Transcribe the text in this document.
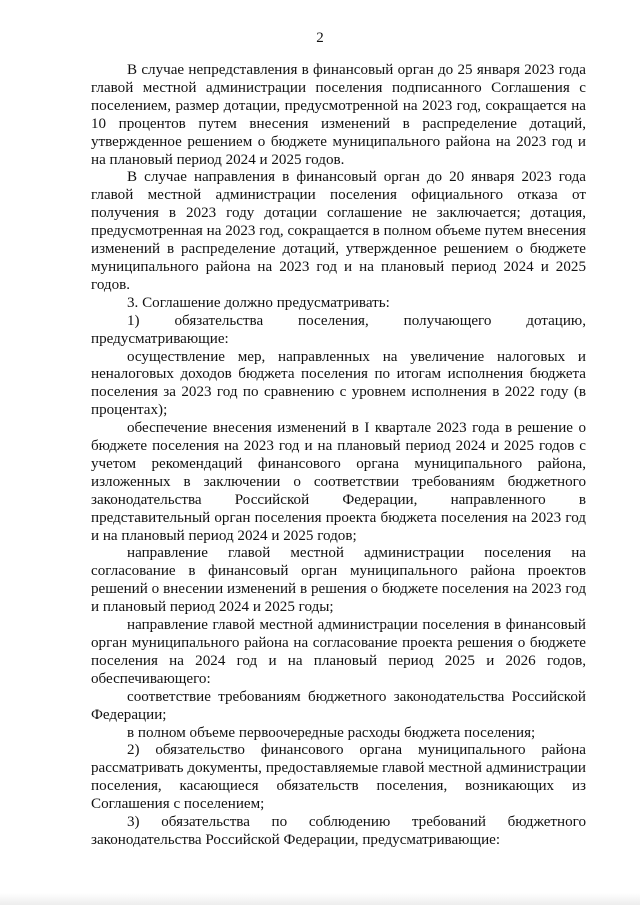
2

В случае непредставления в финансовый орган до 25 января 2023 года главой местной администрации поселения подписанного Соглашения с поселением, размер дотации, предусмотренной на 2023 год, сокращается на 10 процентов путем внесения изменений в распределение дотаций, утвержденное решением о бюджете муниципального района на 2023 год и на плановый период 2024 и 2025 годов.

В случае направления в финансовый орган до 20 января 2023 года главой местной администрации поселения официального отказа от получения в 2023 году дотации соглашение не заключается; дотация, предусмотренная на 2023 год, сокращается в полном объеме путем внесения изменений в распределение дотаций, утвержденное решением о бюджете муниципального района на 2023 год и на плановый период 2024 и 2025 годов.

3. Соглашение должно предусматривать:

1) обязательства поселения, получающего дотацию, предусматривающие:

осуществление мер, направленных на увеличение налоговых и неналоговых доходов бюджета поселения по итогам исполнения бюджета поселения за 2023 год по сравнению с уровнем исполнения в 2022 году (в процентах);

обеспечение внесения изменений в I квартале 2023 года в решение о бюджете поселения на 2023 год и на плановый период 2024 и 2025 годов с учетом рекомендаций финансового органа муниципального района, изложенных в заключении о соответствии требованиям бюджетного законодательства Российской Федерации, направленного в представительный орган поселения проекта бюджета поселения на 2023 год и на плановый период 2024 и 2025 годов;

направление главой местной администрации поселения на согласование в финансовый орган муниципального района проектов решений о внесении изменений в решения о бюджете поселения на 2023 год и плановый период 2024 и 2025 годы;

направление главой местной администрации поселения в финансовый орган муниципального района на согласование проекта решения о бюджете поселения на 2024 год и на плановый период 2025 и 2026 годов, обеспечивающего:

соответствие требованиям бюджетного законодательства Российской Федерации;

в полном объеме первоочередные расходы бюджета поселения;

2) обязательство финансового органа муниципального района рассматривать документы, предоставляемые главой местной администрации поселения, касающиеся обязательств поселения, возникающих из Соглашения с поселением;

3) обязательства по соблюдению требований бюджетного законодательства Российской Федерации, предусматривающие:
